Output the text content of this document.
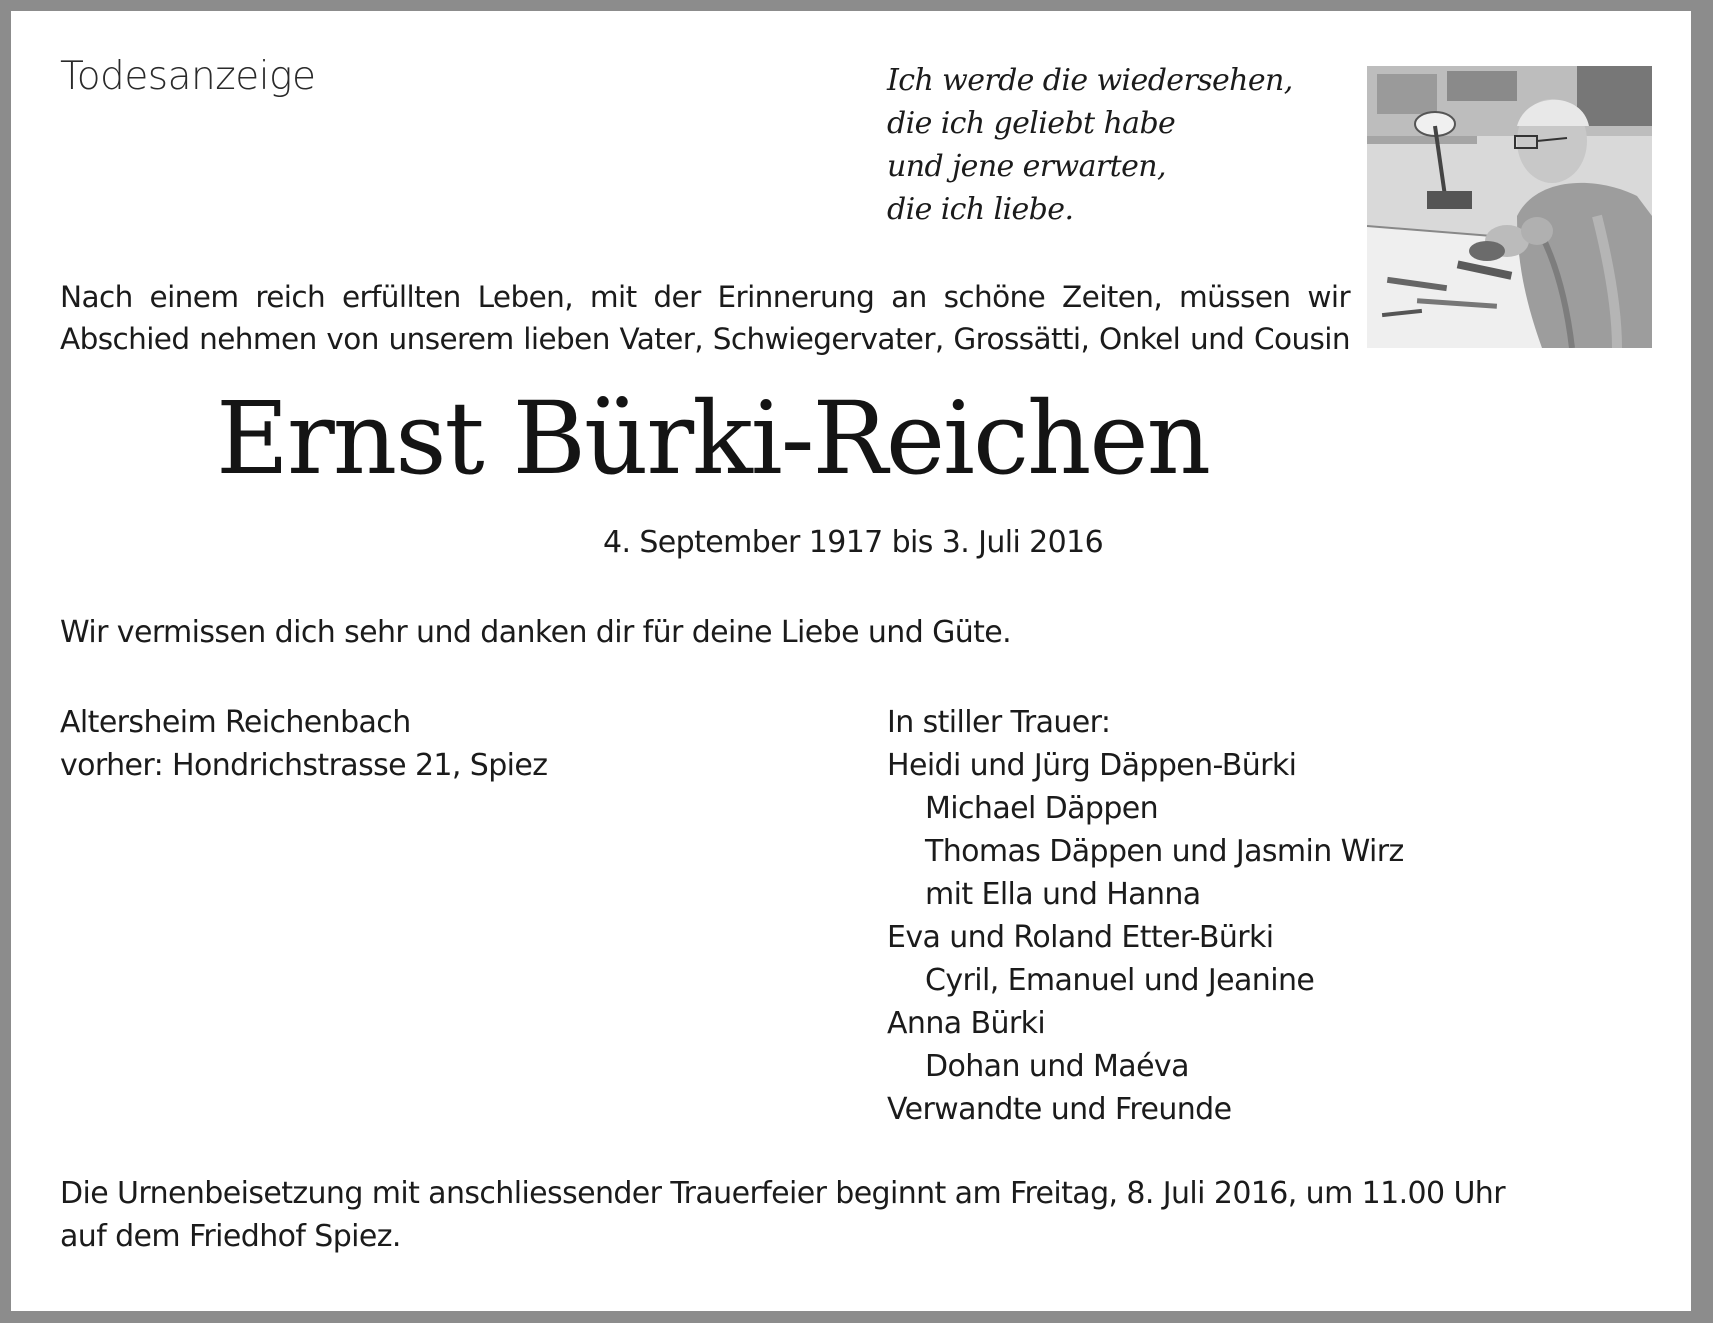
Todesanzeige	Ich werde die wiedersehen,
die ich geliebt habe
und jene erwarten,
die ich liebe.
Nach einem reich erfüllten Leben, mit der Erinnerung an schöne Zeiten, müssen wir
Abschied nehmen von unserem lieben Vater, Schwiegervater, Grossätti, Onkel und Cousin
Ernst Bürki-Reichen
4. September 1917 bis 3. Juli 2016
Wir vermissen dich sehr und danken dir für deine Liebe und Güte.
Altersheim Reichenbach
vorher: Hondrichstrasse 21, Spiez
In stiller Trauer:
Heidi und Jürg Däppen-Bürki
Michael Däppen
Thomas Däppen und Jasmin Wirz
mit Ella und Hanna
Eva und Roland Etter-Bürki
Cyril, Emanuel und Jeanine
Anna Bürki
Dohan und Maéva
Verwandte und Freunde
Die Urnenbeisetzung mit anschliessender Trauerfeier beginnt am Freitag, 8. Juli 2016, um 11.00 Uhr
auf dem Friedhof Spiez.
